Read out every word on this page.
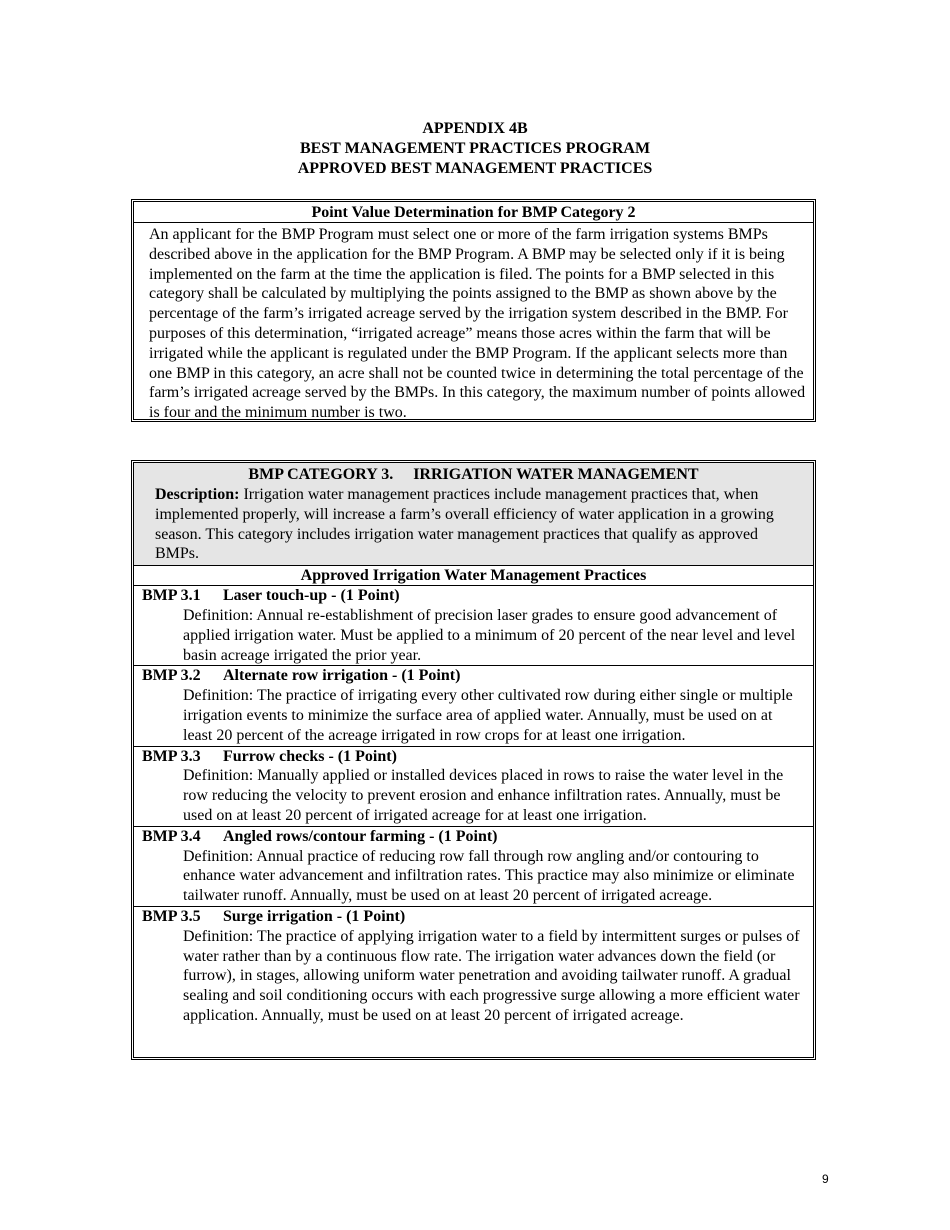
APPENDIX 4B
BEST MANAGEMENT PRACTICES PROGRAM
APPROVED BEST MANAGEMENT PRACTICES
Point Value Determination for BMP Category 2
An applicant for the BMP Program must select one or more of the farm irrigation systems BMPs described above in the application for the BMP Program. A BMP may be selected only if it is being implemented on the farm at the time the application is filed. The points for a BMP selected in this category shall be calculated by multiplying the points assigned to the BMP as shown above by the percentage of the farm’s irrigated acreage served by the irrigation system described in the BMP. For purposes of this determination, “irrigated acreage” means those acres within the farm that will be irrigated while the applicant is regulated under the BMP Program. If the applicant selects more than one BMP in this category, an acre shall not be counted twice in determining the total percentage of the farm’s irrigated acreage served by the BMPs. In this category, the maximum number of points allowed is four and the minimum number is two.
BMP CATEGORY 3.     IRRIGATION WATER MANAGEMENT
Description: Irrigation water management practices include management practices that, when implemented properly, will increase a farm’s overall efficiency of water application in a growing season. This category includes irrigation water management practices that qualify as approved BMPs.
Approved Irrigation Water Management Practices
BMP 3.1 Laser touch-up - (1 Point)
Definition: Annual re-establishment of precision laser grades to ensure good advancement of applied irrigation water. Must be applied to a minimum of 20 percent of the near level and level basin acreage irrigated the prior year.
BMP 3.2 Alternate row irrigation - (1 Point)
Definition: The practice of irrigating every other cultivated row during either single or multiple irrigation events to minimize the surface area of applied water. Annually, must be used on at least 20 percent of the acreage irrigated in row crops for at least one irrigation.
BMP 3.3 Furrow checks - (1 Point)
Definition: Manually applied or installed devices placed in rows to raise the water level in the row reducing the velocity to prevent erosion and enhance infiltration rates. Annually, must be used on at least 20 percent of irrigated acreage for at least one irrigation.
BMP 3.4 Angled rows/contour farming - (1 Point)
Definition: Annual practice of reducing row fall through row angling and/or contouring to enhance water advancement and infiltration rates. This practice may also minimize or eliminate tailwater runoff. Annually, must be used on at least 20 percent of irrigated acreage.
BMP 3.5 Surge irrigation - (1 Point)
Definition: The practice of applying irrigation water to a field by intermittent surges or pulses of water rather than by a continuous flow rate. The irrigation water advances down the field (or furrow), in stages, allowing uniform water penetration and avoiding tailwater runoff. A gradual sealing and soil conditioning occurs with each progressive surge allowing a more efficient water application. Annually, must be used on at least 20 percent of irrigated acreage.
9
